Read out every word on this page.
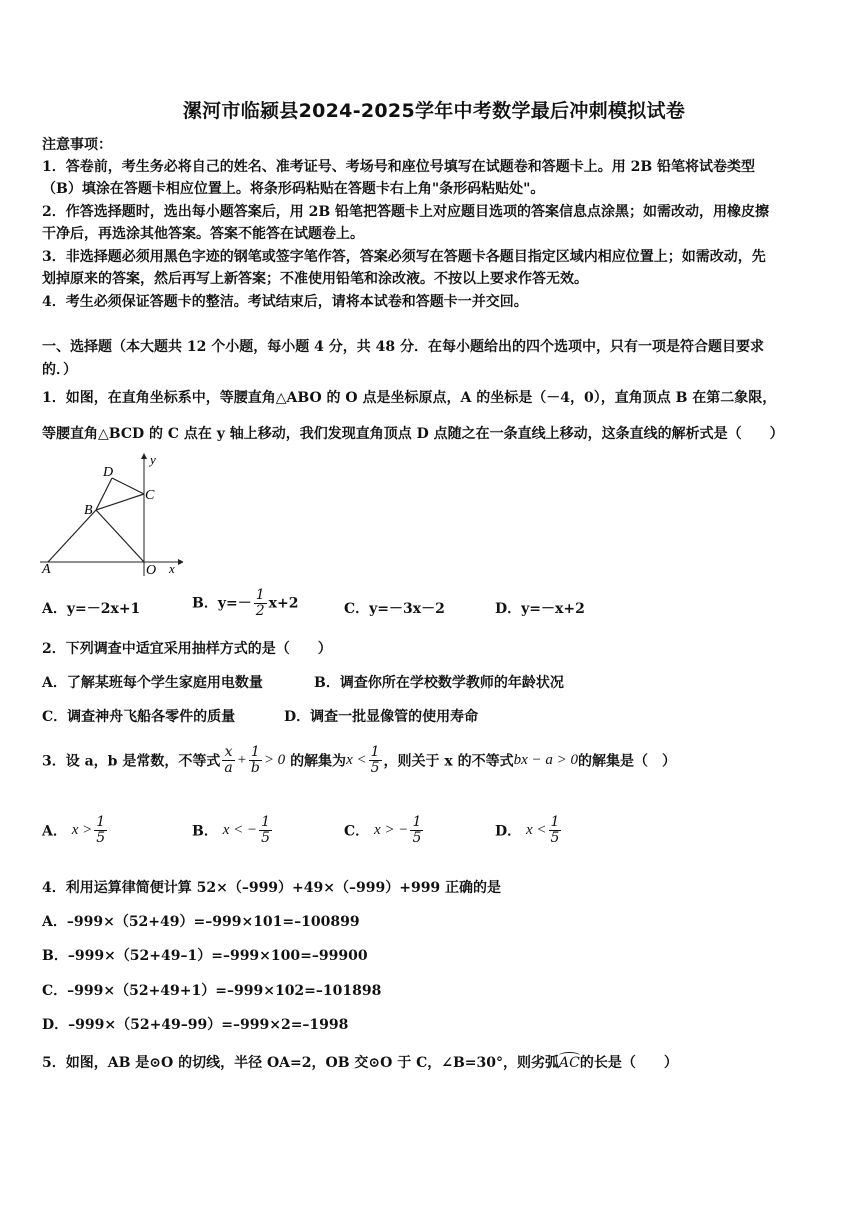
漯河市临颍县2024-2025学年中考数学最后冲刺模拟试卷
注意事项：
1．答卷前，考生务必将自己的姓名、准考证号、考场号和座位号填写在试题卷和答题卡上。用 2B 铅笔将试卷类型
（B）填涂在答题卡相应位置上。将条形码粘贴在答题卡右上角"条形码粘贴处"。
2．作答选择题时，选出每小题答案后，用 2B 铅笔把答题卡上对应题目选项的答案信息点涂黑；如需改动，用橡皮擦
干净后，再选涂其他答案。答案不能答在试题卷上。
3．非选择题必须用黑色字迹的钢笔或签字笔作答，答案必须写在答题卡各题目指定区域内相应位置上；如需改动，先
划掉原来的答案，然后再写上新答案；不准使用铅笔和涂改液。不按以上要求作答无效。
4．考生必须保证答题卡的整洁。考试结束后，请将本试卷和答题卡一并交回。
一、选择题（本大题共 12 个小题，每小题 4 分，共 48 分．在每小题给出的四个选项中，只有一项是符合题目要求
的．）
1．如图，在直角坐标系中，等腰直角△ABO 的 O 点是坐标原点，A 的坐标是（－4，0），直角顶点 B 在第二象限，
等腰直角△BCD 的 C 点在 y 轴上移动，我们发现直角顶点 D 点随之在一条直线上移动，这条直线的解析式是（　　）
A
B
C
D
O x
y
A．y=－2x+1	B．$y=- \frac{1}{2} x+2$	C．y=－3x－2	D．y=－x+2
2．下列调查中适宜采用抽样方式的是（　　）
A．了解某班每个学生家庭用电数量	B．调查你所在学校数学教师的年龄状况
C．调查神舟飞船各零件的质量	D．调查一批显像管的使用寿命
3．设 a，b 是常数，不等式 $\frac{x}{a} + \frac{1}{b} > 0$ 的解集为$x < \frac{1}{5}$ ，则关于 x 的不等式bx − a > 0的解集是（　）
A． $x > \frac{1}{5}$	B． x < − $\frac{1}{5}$	C． x > − $\frac{1}{5}$	D． $x < \frac{1}{5}$
4．利用运算律简便计算 52×（–999）+49×（–999）+999 正确的是
A．–999×（52+49）=–999×101=–100899
B．–999×（52+49–1）=–999×100=–99900
C．–999×（52+49+1）=–999×102=–101898
D．–999×（52+49–99）=–999×2=–1998
5．如图，AB 是⊙O 的切线，半径 OA=2，OB 交⊙O 于 C，∠B=30°，则劣弧AC的长是（　　）
